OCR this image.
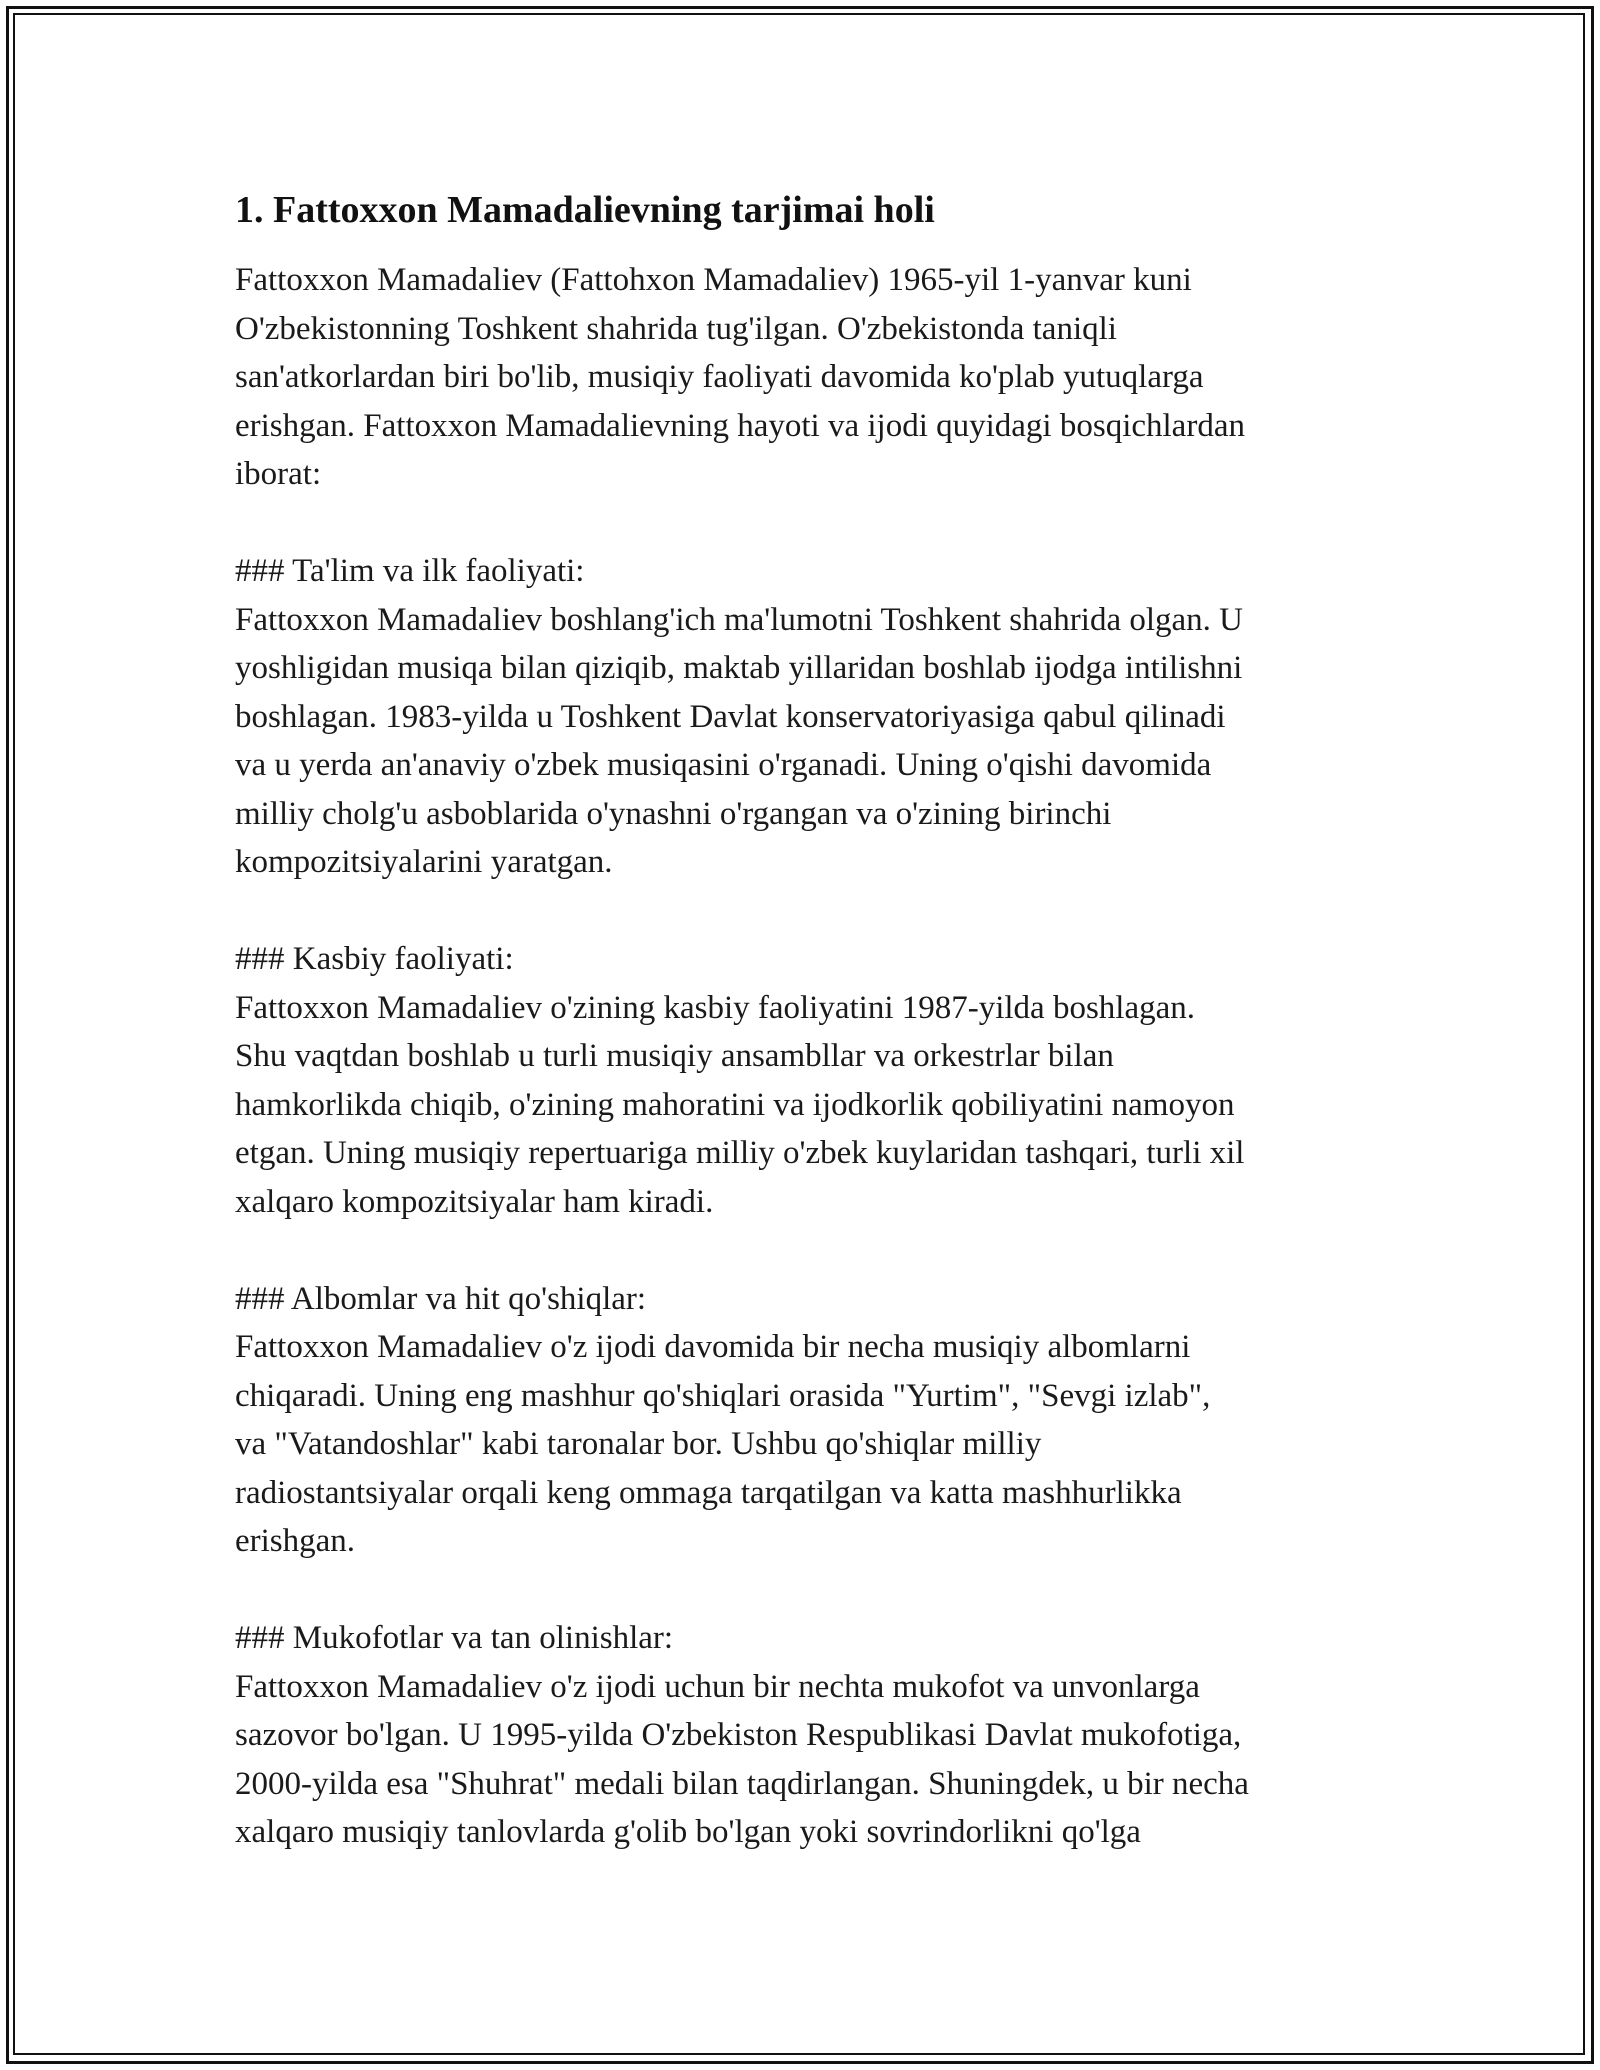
1. Fattoxxon Mamadalievning tarjimai holi

Fattoxxon Mamadaliev (Fattohxon Mamadaliev) 1965-yil 1-yanvar kuni
O'zbekistonning Toshkent shahrida tug'ilgan. O'zbekistonda taniqli
san'atkorlardan biri bo'lib, musiqiy faoliyati davomida ko'plab yutuqlarga
erishgan. Fattoxxon Mamadalievning hayoti va ijodi quyidagi bosqichlardan
iborat:

### Ta'lim va ilk faoliyati:

Fattoxxon Mamadaliev boshlang'ich ma'lumotni Toshkent shahrida olgan. U
yoshligidan musiqa bilan qiziqib, maktab yillaridan boshlab ijodga intilishni
boshlagan. 1983-yilda u Toshkent Davlat konservatoriyasiga qabul qilinadi
va u yerda an'anaviy o'zbek musiqasini o'rganadi. Uning o'qishi davomida
milliy cholg'u asboblarida o'ynashni o'rgangan va o'zining birinchi
kompozitsiyalarini yaratgan.

### Kasbiy faoliyati:

Fattoxxon Mamadaliev o'zining kasbiy faoliyatini 1987-yilda boshlagan.
Shu vaqtdan boshlab u turli musiqiy ansambllar va orkestrlar bilan
hamkorlikda chiqib, o'zining mahoratini va ijodkorlik qobiliyatini namoyon
etgan. Uning musiqiy repertuariga milliy o'zbek kuylaridan tashqari, turli xil
xalqaro kompozitsiyalar ham kiradi.

### Albomlar va hit qo'shiqlar:

Fattoxxon Mamadaliev o'z ijodi davomida bir necha musiqiy albomlarni
chiqaradi. Uning eng mashhur qo'shiqlari orasida "Yurtim", "Sevgi izlab",
va "Vatandoshlar" kabi taronalar bor. Ushbu qo'shiqlar milliy
radiostantsiyalar orqali keng ommaga tarqatilgan va katta mashhurlikka
erishgan.

### Mukofotlar va tan olinishlar:

Fattoxxon Mamadaliev o'z ijodi uchun bir nechta mukofot va unvonlarga
sazovor bo'lgan. U 1995-yilda O'zbekiston Respublikasi Davlat mukofotiga,
2000-yilda esa "Shuhrat" medali bilan taqdirlangan. Shuningdek, u bir necha
xalqaro musiqiy tanlovlarda g'olib bo'lgan yoki sovrindorlikni qo'lga
